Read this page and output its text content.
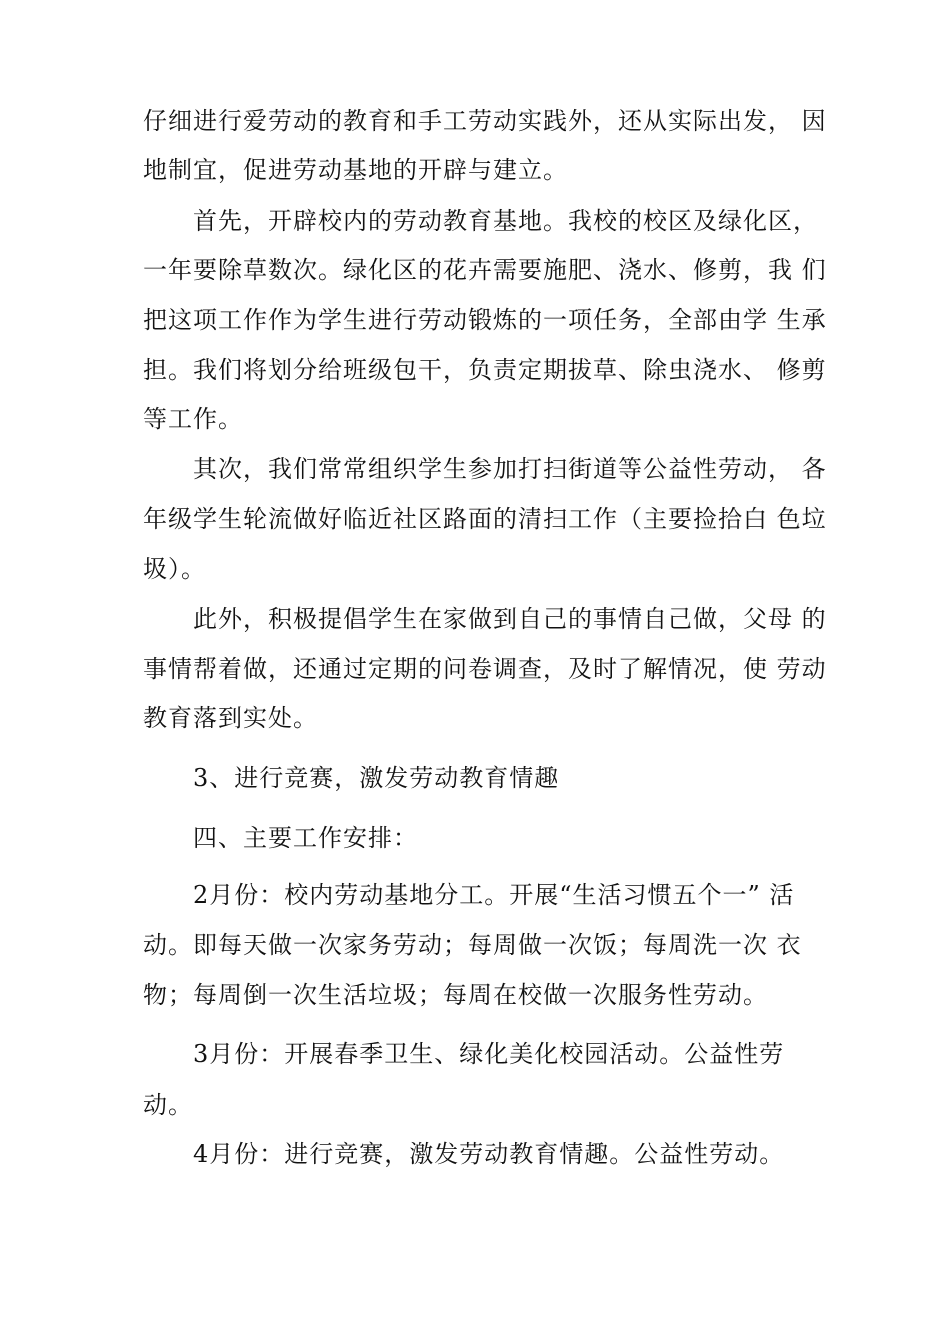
仔细进行爱劳动的教育和手工劳动实践外，还从实际出发， 因
地制宜，促进劳动基地的开辟与建立。
首先，开辟校内的劳动教育基地。我校的校区及绿化区，
一年要除草数次。绿化区的花卉需要施肥、浇水、修剪，我 们
把这项工作作为学生进行劳动锻炼的一项任务，全部由学 生承
担。我们将划分给班级包干，负责定期拔草、除虫浇水、 修剪
等工作。
其次，我们常常组织学生参加打扫街道等公益性劳动， 各
年级学生轮流做好临近社区路面的清扫工作（主要捡拾白 色垃
圾）。
此外，积极提倡学生在家做到自己的事情自己做，父母 的
事情帮着做，还通过定期的问卷调查，及时了解情况，使 劳动
教育落到实处。
3、进行竞赛，激发劳动教育情趣
四、主要工作安排：
2月份：校内劳动基地分工。开展“生活习惯五个一” 活
动。即每天做一次家务劳动；每周做一次饭；每周洗一次 衣
物；每周倒一次生活垃圾；每周在校做一次服务性劳动。
3月份：开展春季卫生、绿化美化校园活动。公益性劳
动。
4月份：进行竞赛，激发劳动教育情趣。公益性劳动。
